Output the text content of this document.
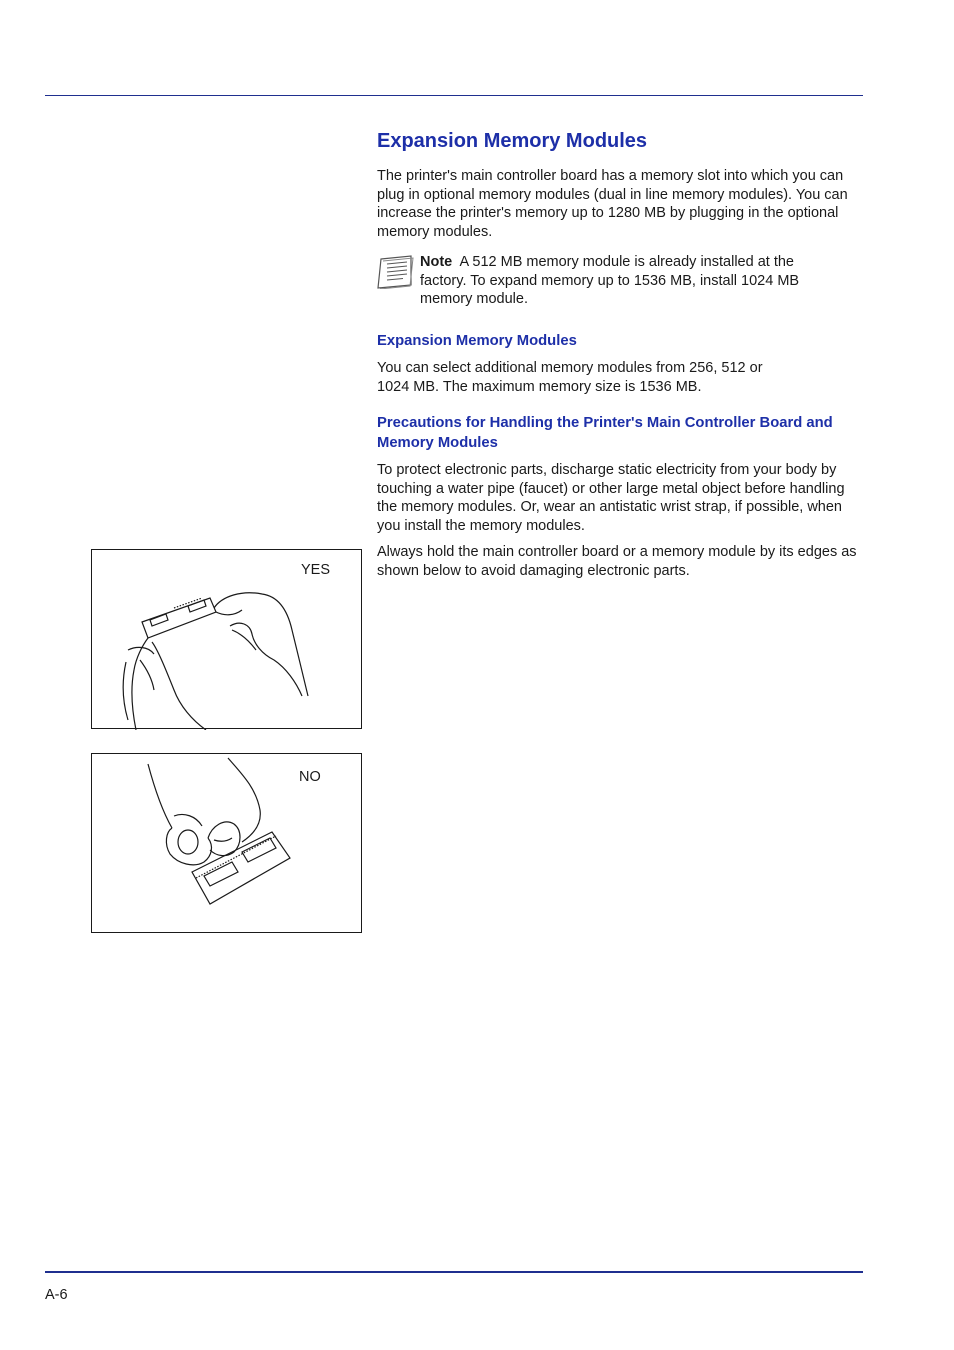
Expansion Memory Modules

The printer's main controller board has a memory slot into which you can plug in optional memory modules (dual in line memory modules). You can increase the printer's memory up to 1280 MB by plugging in the optional memory modules.

Note A 512 MB memory module is already installed at the factory. To expand memory up to 1536 MB, install 1024 MB memory module.
Expansion Memory Modules

You can select additional memory modules from 256, 512 or 1024 MB. The maximum memory size is 1536 MB.

Precautions for Handling the Printer's Main Controller Board and Memory Modules

To protect electronic parts, discharge static electricity from your body by touching a water pipe (faucet) or other large metal object before handling the memory modules. Or, wear an antistatic wrist strap, if possible, when you install the memory modules.

Always hold the main controller board or a memory module by its edges as shown below to avoid damaging electronic parts.

YES
NO
A-6
